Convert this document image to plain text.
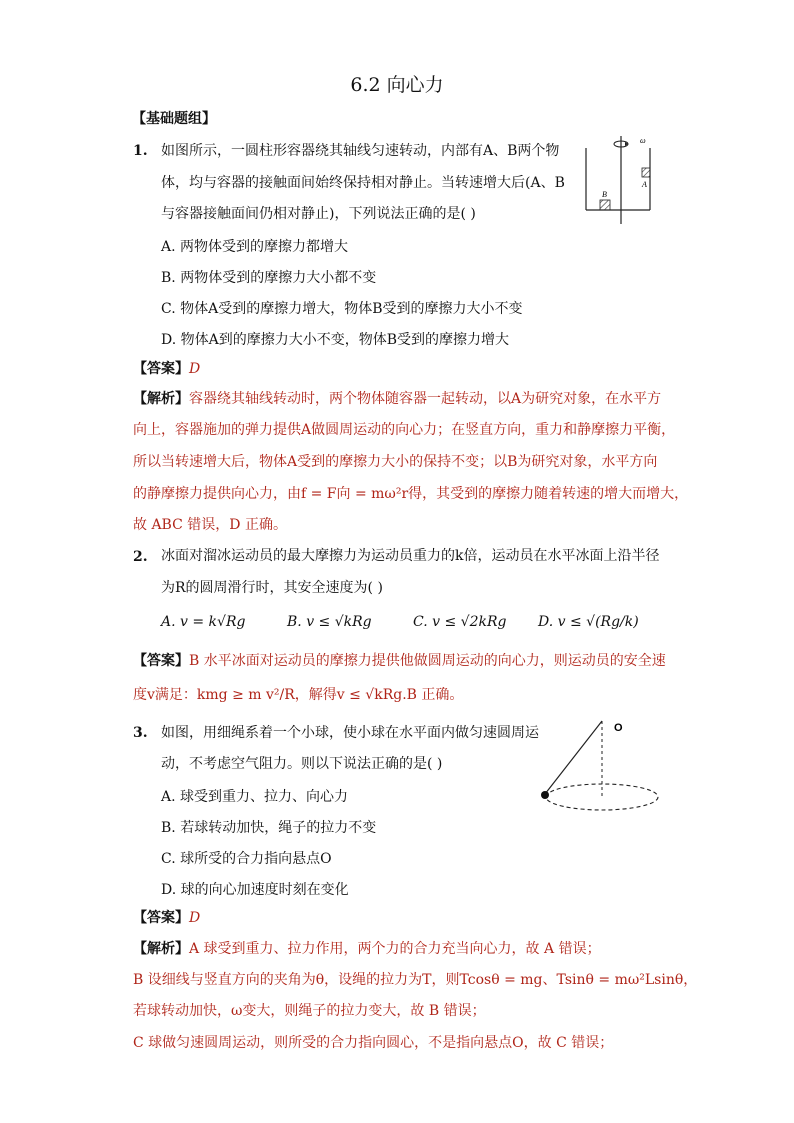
6.2 向心力
【基础题组】
1. 如图所示，一圆柱形容器绕其轴线匀速转动，内部有A、B两个物
体，均与容器的接触面间始终保持相对静止。当转速增大后(A、B
与容器接触面间仍相对静止)，下列说法正确的是( )
A. 两物体受到的摩擦力都增大
B. 两物体受到的摩擦力大小都不变
C. 物体A受到的摩擦力增大，物体B受到的摩擦力大小不变
D. 物体A到的摩擦力大小不变，物体B受到的摩擦力增大
【答案】 D
【解析】 容器绕其轴线转动时，两个物体随容器一起转动，以A为研究对象，在水平方
向上，容器施加的弹力提供A做圆周运动的向心力；在竖直方向，重力和静摩擦力平衡，
所以当转速增大后，物体A受到的摩擦力大小的保持不变；以B为研究对象，水平方向
的静摩擦力提供向心力，由f = F向 = mω²r得，其受到的摩擦力随着转速的增大而增大，
故 ABC 错误，D 正确。
ω
A
B
2. 冰面对溜冰运动员的最大摩擦力为运动员重力的k倍，运动员在水平冰面上沿半径
为R的圆周滑行时，其安全速度为( )
A. v = k√Rg	B. v ≤ √kRg	C. v ≤ √2kRg D. v ≤ √(Rg/k)
【答案】 B 水平冰面对运动员的摩擦力提供他做圆周运动的向心力，则运动员的安全速
度v满足：kmg ≥ m v²/R，解得v ≤ √kRg.B 正确。
3. 如图，用细绳系着一个小球，使小球在水平面内做匀速圆周运
动，不考虑空气阻力。则以下说法正确的是( )
A. 球受到重力、拉力、向心力
B. 若球转动加快，绳子的拉力不变
C. 球所受的合力指向悬点O
D. 球的向心加速度时刻在变化
【答案】 D
【解析】 A 球受到重力、拉力作用，两个力的合力充当向心力，故 A 错误；
B 设细线与竖直方向的夹角为θ，设绳的拉力为T，则Tcosθ = mg、Tsinθ = mω²Lsinθ，
若球转动加快，ω变大，则绳子的拉力变大，故 B 错误；
C 球做匀速圆周运动，则所受的合力指向圆心，不是指向悬点O，故 C 错误；
O
